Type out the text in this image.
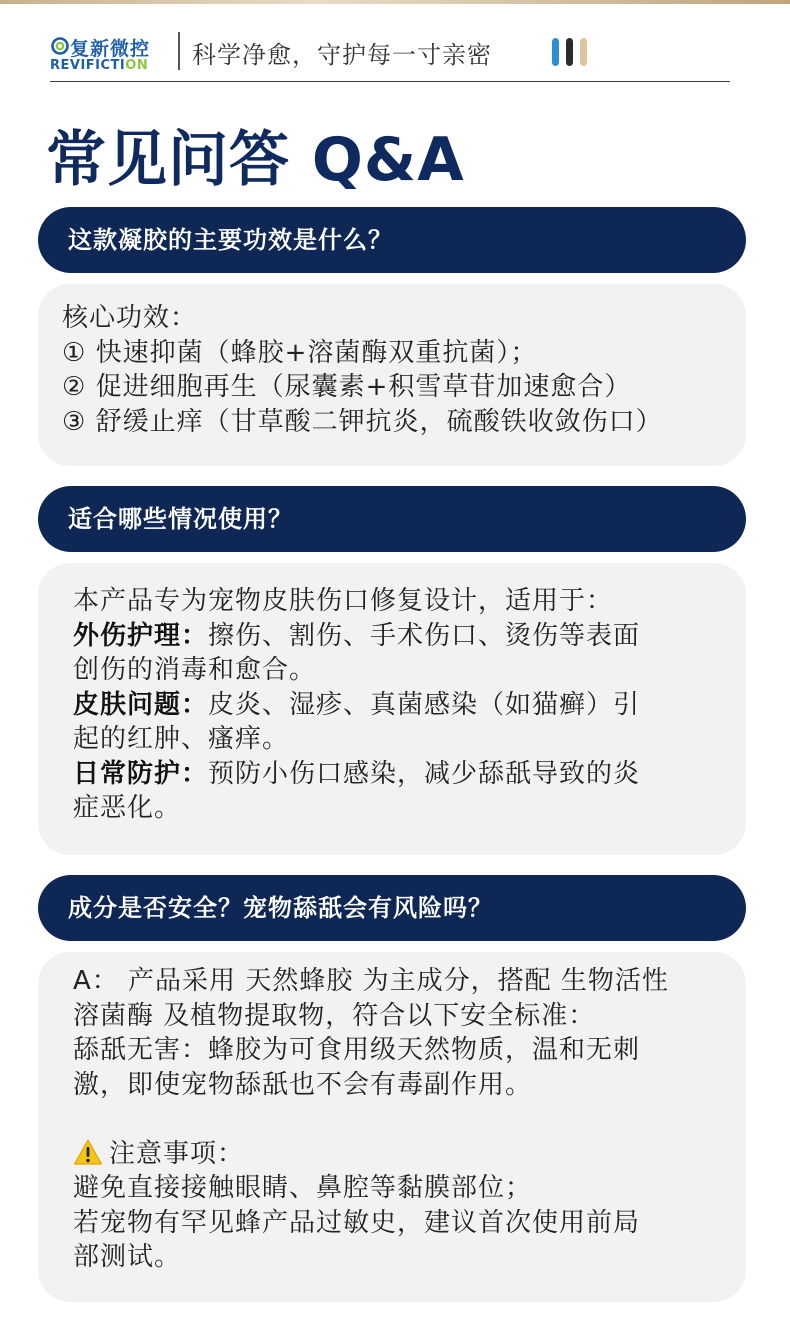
复新微控
REVIFICTION 科学净愈，守护每一寸亲密
常见问答 Q&A
这款凝胶的主要功效是什么？

核心功效：

① 快速抑菌（蜂胶+溶菌酶双重抗菌）；

② 促进细胞再生（尿囊素+积雪草苷加速愈合）

③ 舒缓止痒（甘草酸二钾抗炎，硫酸铁收敛伤口）

适合哪些情况使用？

本产品专为宠物皮肤伤口修复设计，适用于：

外伤护理：擦伤、割伤、手术伤口、烫伤等表面

创伤的消毒和愈合。

皮肤问题：皮炎、湿疹、真菌感染（如猫癣）引

起的红肿、瘙痒。

日常防护：预防小伤口感染，减少舔舐导致的炎

症恶化。

成分是否安全？宠物舔舐会有风险吗？

A： 产品采用 天然蜂胶 为主成分，搭配 生物活性

溶菌酶 及植物提取物，符合以下安全标准：

舔舐无害：蜂胶为可食用级天然物质，温和无刺

激，即使宠物舔舐也不会有毒副作用。

注意事项：

避免直接接触眼睛、鼻腔等黏膜部位；

若宠物有罕见蜂产品过敏史，建议首次使用前局

部测试。
